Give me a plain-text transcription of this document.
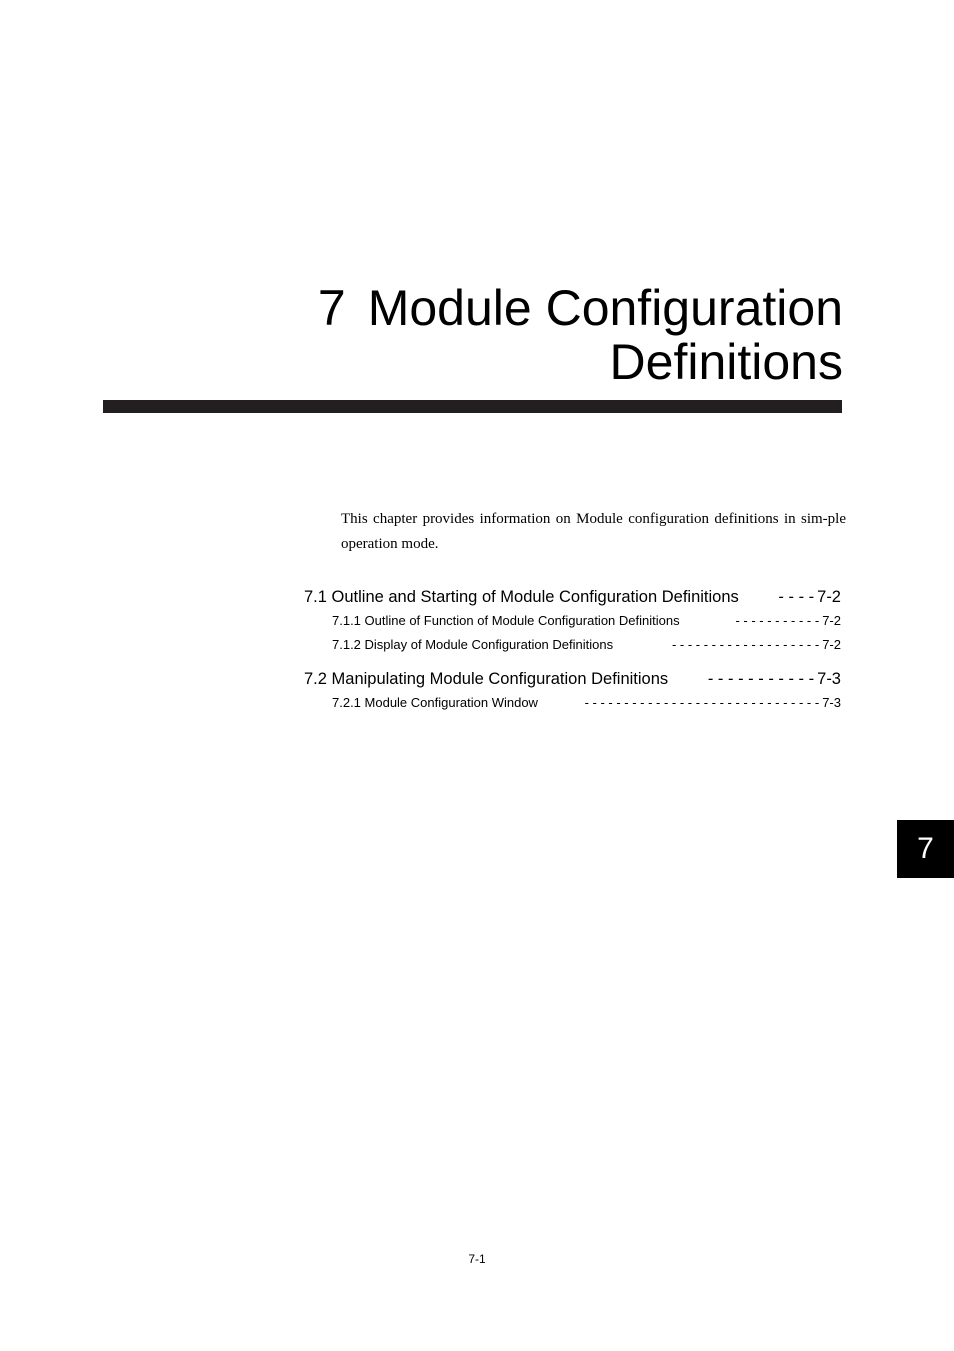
7 Module Configuration
Definitions

This chapter provides information on Module configuration definitions in sim-ple operation mode.

7.1 Outline and Starting of Module Configuration Definitions	- - - - 7-2
7.1.1 Outline of Function of Module Configuration Definitions	- - - - - - - - - - - 7-2
7.1.2 Display of Module Configuration Definitions	- - - - - - - - - - - - - - - - - - - 7-2
7.2 Manipulating Module Configuration Definitions	- - - - - - - - - - - 7-3
7.2.1 Module Configuration Window	- - - - - - - - - - - - - - - - - - - - - - - - - - - - - - 7-3
7
7-1
